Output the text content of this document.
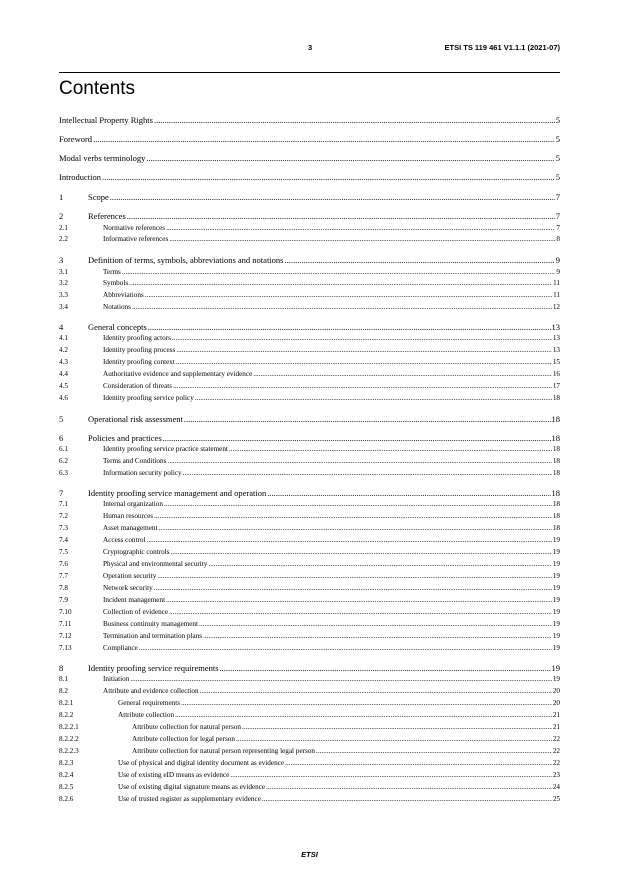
3	ETSI TS 119 461 V1.1.1 (2021-07)
Contents
Intellectual Property Rights .....	5
Foreword .....	5
Modal verbs terminology .....	5
Introduction .....	5
1	Scope .....	7
2	References .....	7
2.1	Normative references .....	7
2.2	Informative references .....	8
3	Definition of terms, symbols, abbreviations and notations .....	9
3.1	Terms .....	9
3.2	Symbols .....	11
3.3	Abbreviations .....	11
3.4	Notations .....	12
4	General concepts .....	13
4.1	Identity proofing actors .....	13
4.2	Identity proofing process .....	13
4.3	Identity proofing context .....	15
4.4	Authoritative evidence and supplementary evidence .....	16
4.5	Consideration of threats .....	17
4.6	Identity proofing service policy .....	18
5	Operational risk assessment .....	18
6	Policies and practices .....	18
6.1	Identity proofing service practice statement .....	18
6.2	Terms and Conditions .....	18
6.3	Information security policy .....	18
7	Identity proofing service management and operation .....	18
7.1	Internal organization .....	18
7.2	Human resources .....	18
7.3	Asset management .....	18
7.4	Access control .....	19
7.5	Cryptographic controls .....	19
7.6	Physical and environmental security .....	19
7.7	Operation security .....	19
7.8	Network security .....	19
7.9	Incident management .....	19
7.10	Collection of evidence .....	19
7.11	Business continuity management .....	19
7.12	Termination and termination plans .....	19
7.13	Compliance .....	19
8	Identity proofing service requirements .....	19
8.1	Initiation .....	19
8.2	Attribute and evidence collection .....	20
8.2.1	General requirements .....	20
8.2.2	Attribute collection .....	21
8.2.2.1	Attribute collection for natural person .....	21
8.2.2.2	Attribute collection for legal person .....	22
8.2.2.3	Attribute collection for natural person representing legal person .....	22
8.2.3	Use of physical and digital identity document as evidence .....	22
8.2.4	Use of existing eID means as evidence .....	23
8.2.5	Use of existing digital signature means as evidence .....	24
8.2.6	Use of trusted register as supplementary evidence .....	25
ETSI
